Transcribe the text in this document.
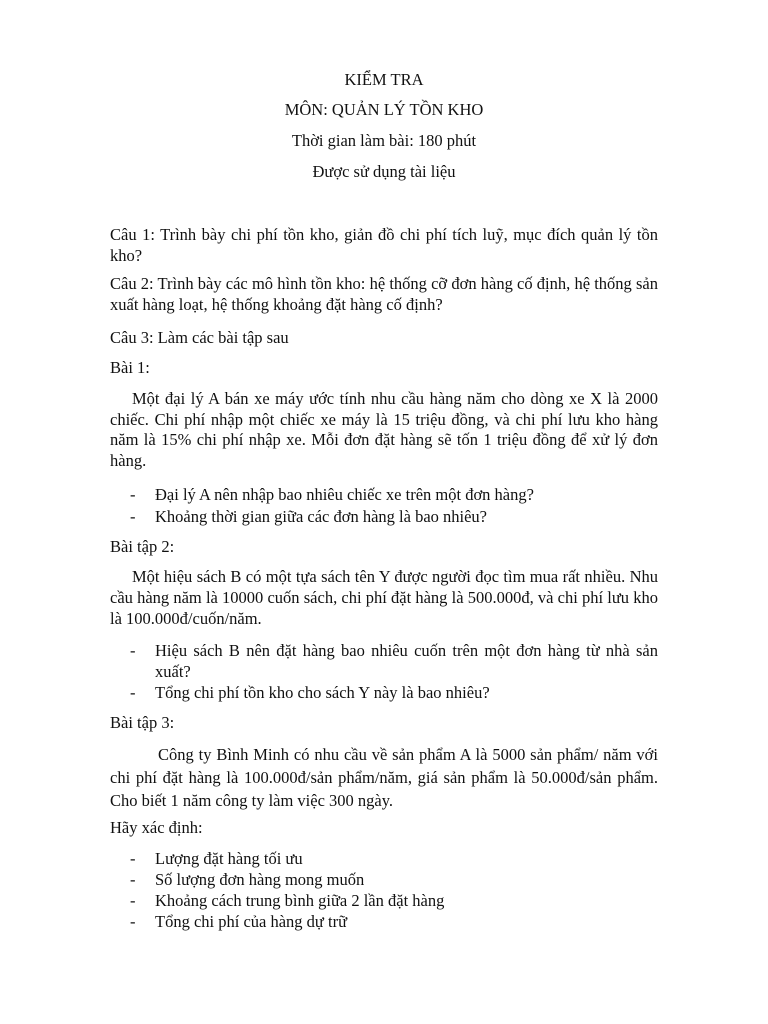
KIỂM TRA
MÔN: QUẢN LÝ TỒN KHO
Thời gian làm bài: 180 phút
Được sử dụng tài liệu
Câu 1: Trình bày chi phí tồn kho, giản đồ chi phí tích luỹ, mục đích quản lý tồn kho?
Câu 2: Trình bày các mô hình tồn kho: hệ thống cỡ đơn hàng cố định, hệ thống sản xuất hàng loạt, hệ thống khoảng đặt hàng cố định?
Câu 3: Làm các bài tập sau
Bài 1:
Một đại lý A bán xe máy ước tính nhu cầu hàng năm cho dòng xe X là 2000 chiếc. Chi phí nhập một chiếc xe máy là 15 triệu đồng, và chi phí lưu kho hàng năm là 15% chi phí nhập xe. Mỗi đơn đặt hàng sẽ tốn 1 triệu đồng để xử lý đơn hàng.
- Đại lý A nên nhập bao nhiêu chiếc xe trên một đơn hàng?
- Khoảng thời gian giữa các đơn hàng là bao nhiêu?
Bài tập 2:
Một hiệu sách B có một tựa sách tên Y được người đọc tìm mua rất nhiều. Nhu cầu hàng năm là 10000 cuốn sách, chi phí đặt hàng là 500.000đ, và chi phí lưu kho là 100.000đ/cuốn/năm.
- Hiệu sách B nên đặt hàng bao nhiêu cuốn trên một đơn hàng từ nhà sản xuất?
- Tổng chi phí tồn kho cho sách Y này là bao nhiêu?
Bài tập 3:
Công ty Bình Minh có nhu cầu về sản phẩm A là 5000 sản phẩm/ năm với chi phí đặt hàng là 100.000đ/sản phẩm/năm, giá sản phẩm là 50.000đ/sản phẩm. Cho biết 1 năm công ty làm việc 300 ngày.
Hãy xác định:
- Lượng đặt hàng tối ưu
- Số lượng đơn hàng mong muốn
- Khoảng cách trung bình giữa 2 lần đặt hàng
- Tổng chi phí của hàng dự trữ
